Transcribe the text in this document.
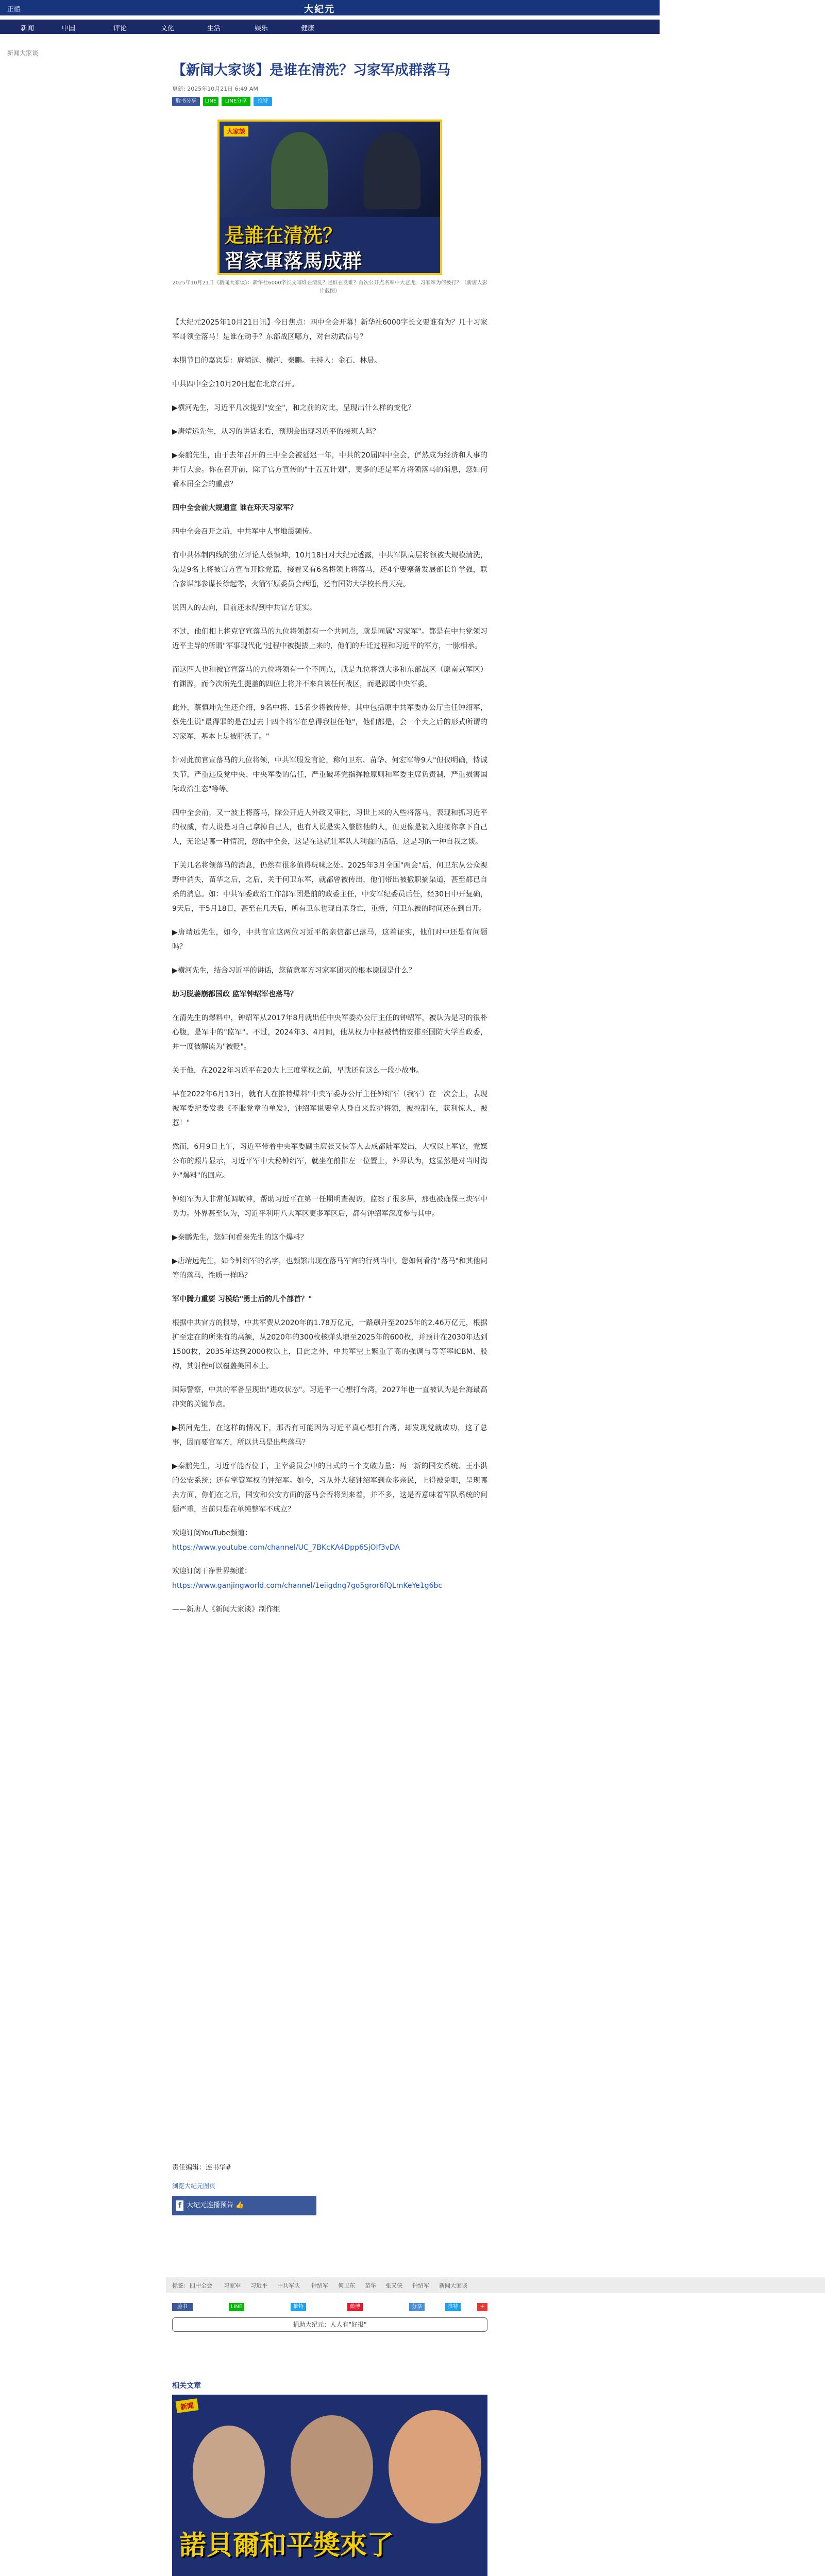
正體	大紀元
新闻	中国	评论	文化	生活	娱乐	健康
新闻大家谈
【新闻大家谈】是谁在清洗？习家军成群落马
更新: 2025年10月21日 6:49 AM
脸书分享	LINE	LINE分享	推特
大家談
是誰在清洗？
習家軍落馬成群
2025年10月21日《新闻大家谈》：新华社6000字长文暗谁在清洗？是谁在发难？首次公开点名军中大老虎，习家军为何被打？（新唐人影片截图）

【大纪元2025年10月21日讯】今日焦点：四中全会开幕！新华社6000字长文要谁有为？几十习家军哥领全落马！是谁在动手？东部战区哪方，对台动武信号？

本期节目的嘉宾是：唐靖远、横河、秦鹏。主持人：金石、林晨。

中共四中全会10月20日起在北京召开。

▶横河先生，习近平几次提到"安全"，和之前的对比，呈现出什么样的变化？

▶唐靖远先生，从习的讲话来看，预期会出现习近平的接班人吗？

▶秦鹏先生，由于去年召开的三中全会被延迟一年，中共的20届四中全会，俨然成为经济和人事的并行大会。你在召开前，除了官方宣传的"十五五计划"，更多的还是军方将领落马的消息，您如何看本届全会的重点？

四中全会前大规遗宣 谁在环天习家军？

四中全会召开之前，中共军中人事地震频传。

有中共体制内线的独立评论人蔡慎坤，10月18日对大纪元透露，中共军队高层将领被大规模清洗，先是9名上将被官方宣布开除党籍，接着又有6名将领上将落马，还4个要塞备发展部长许学强，联合参谋部参谋长徐起零，火箭军原委员会西通，还有国防大学校长肖天亮。

说四人的去向，目前还未得到中共官方证实。

不过，他们相上将克官宣落马的九位将领都有一个共同点，就是同属"习家军"。都是在中共党领习近平主导的所谓"军事现代化"过程中被提拔上来的，他们的升迁过程和习近平的军方，一脉相承。

而这四人也和被官宣落马的九位将领有一个不同点，就是九位将领大多和东部战区（原南京军区）有渊源，而今次所先生提盖的四位上将并不来自该任何战区，而是源属中央军委。

此外，蔡慎坤先生还介绍，9名中将、15名少将被传带，其中包括原中共军委办公厅主任钟绍军，蔡先生说"最得罪的是在过去十四个将军在总得我担任他"，他们都是，会一个大之后的形式所谓的习家军，基本上是被肝沃了。"

针对此前官宣落马的九位将领，中共军服发言论，称何卫东、苗华、何宏军等9人"但仅明确，恃诚失节，严重违反党中央、中央军委的信任，严重破坏党指挥枪原则和军委主席负责制，严重损害国际政治生态"等等。

四中全会前，又一波上将落马，除公开近人外政又审批，习世上来的入些将落马，表现和抓习近平的权威，有人说是习自己拿掉自己人，也有人说是实入整脑他的人，但更像是初入迎接你拿下自己人，无论是哪一种情况，您的中全会，这是在这就让军队人利益的活话，这是习的一种自我之谈。

下关几名将领落马的消息，仍然有很多值得玩味之处。2025年3月全国"两会"后，何卫东从公众视野中消失，苗华之后，之后，关于何卫东军，就都曾被传出，他们带出被撤职摘渠道，甚至都已自杀的消息。如：中共军委政治工作部军团是前的政委主任，中安军纪委员后任，经30日中开复确，9天后，干5月18日，甚至在几天后，所有卫东也现自杀身亡，重新，何卫东被的时间还在到自开。

▶唐靖远先生，如今，中共官宣这两位习近平的亲信都已落马，这着证实，他们对中还是有问题吗？

▶横河先生，结合习近平的讲话，您留意军方习家军团灭的根本原因是什么？

助习脱萎崩都国政 监军钟绍军也落马？

在清先生的爆料中，钟绍军从2017年8月就出任中央军委办公厅主任的钟绍军，被认为是习的很朴心腹，是军中的"监军"。不过，2024年3、4月间，他从权力中枢被悄悄安排至国防大学当政委，并一度被解读为"被贬"。

关于他，在2022年习近平在20大上三度掌权之前，早就还有这么一段小故事。

早在2022年6月13日，就有人在推特爆料"中央军委办公厅主任钟绍军（我军）在一次会上，表现被军委纪委发表《不服党章的单发》，钟绍军说要拿人身自来监护将领，被控制在，获利惊人，被惹！"

然而，6月9日上午，习近平带着中央军委副主席张又侠等人去成都陆军发出，大权以上军官，党媒公布的照片显示，习近平军中大秘钟绍军，就坐在前排左一位置上，外界认为，这显然是对当时海外"爆料"的回应。

钟绍军为人非常低调敏神，帮助习近平在第一任期明查视访，监察了很多屏，那也被确保三块军中势力。外界甚至认为，习近平利用八大军区更多军区后，都有钟绍军深度参与其中。

▶秦鹏先生，您如何看秦先生的这个爆料？

▶唐靖远先生，如今钟绍军的名字，也频繁出现在落马军官的行列当中。您如何看待"落马"和其他同等的落马，性质一样吗？

军中腾力重要 习模给"勇士后的几个部首？"

根据中共官方的报导，中共军费从2020年的1.78万亿元，一路飙升至2025年的2.46万亿元，根据扩至定在的所来有的高额，从2020年的300枚核弹头增至2025年的600枚，并预计在2030年达到1500枚，2035年达到2000枚以上，目此之外，中共军空上繁重了高的强调与等等率ICBM、股构，其射程可以覆盖美国本土。

国际警察，中共的军备呈现出"进攻状态"。习近平一心想打台湾，2027年也一直被认为是台海最高冲突的关键节点。

▶横河先生，在这样的情况下，那否有可能因为习近平真心想打台湾，却发现党就成功，这了总事，因而要官军方，所以共马是出些落马？

▶秦鹏先生，习近平能否位于，主宰委员会中的日式的三个支破力量：两一新的国安系统、王小洪的公安系统；还有掌管军权的钟绍军。如今，习从外大秘钟绍军到众多亲民，上得被免职，呈现哪去方面，你们在之后，国安和公安方面的落马会否将到来着，并不多，这是否意味着军队系统的问题严重，当前只是在单纯整军不成立？

欢迎订阅YouTube频道：
https://www.youtube.com/channel/UC_7BKcKA4Dpp6SjOIf3vDA

欢迎订阅干净世界频道：
https://www.ganjingworld.com/channel/1eiigdng7go5gror6fQLmKeYe1g6bc

——新唐人《新闻大家谈》制作组

责任编辑：连书华#
浏览大纪元图页
f 大纪元连播预告 👍
标签: 四中全会 习家军 习近平 中共军队 钟绍军 何卫东 苗华 张又侠 钟绍军 新闻大家谈
脸书	LINE	推特	微博	分享	推特	+
捐助大纪元：人人有"好报"
相关文章
新聞
諾貝爾和平獎來了
